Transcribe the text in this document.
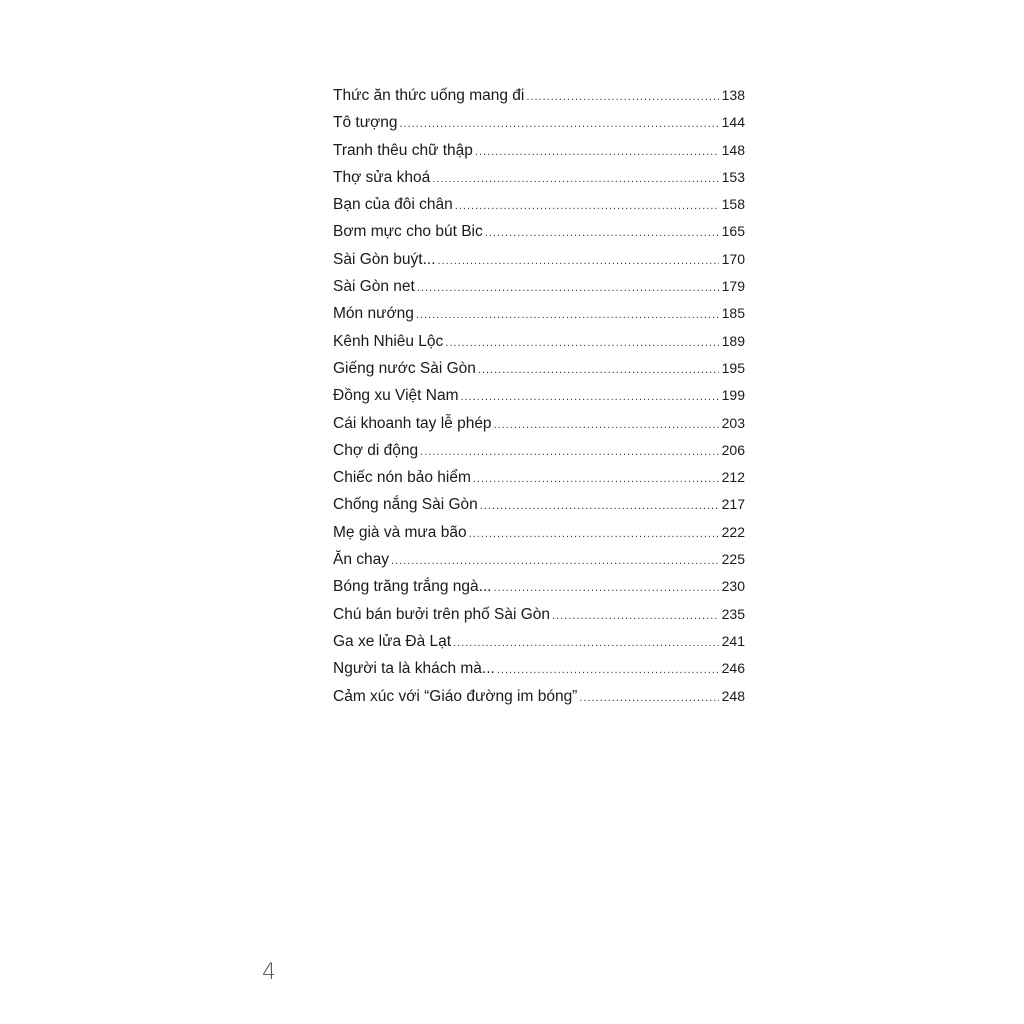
Thức ăn thức uống mang đi .....	138
Tô tượng .....	144
Tranh thêu chữ thập .....	148
Thợ sửa khoá .....	153
Bạn của đôi chân .....	158
Bơm mực cho bút Bic .....	165
Sài Gòn buýt... .....	170
Sài Gòn net .....	179
Món nướng .....	185
Kênh Nhiêu Lộc .....	189
Giếng nước Sài Gòn .....	195
Đồng xu Việt Nam .....	199
Cái khoanh tay lễ phép .....	203
Chợ di động .....	206
Chiếc nón bảo hiểm .....	212
Chống nắng Sài Gòn .....	217
Mẹ già và mưa bão .....	222
Ăn chay .....	225
Bóng trăng trắng ngà... .....	230
Chú bán bưởi trên phố Sài Gòn .....	235
Ga xe lửa Đà Lạt .....	241
Người ta là khách mà... .....	246
Cảm xúc với “Giáo đường im bóng” .....	248
4
